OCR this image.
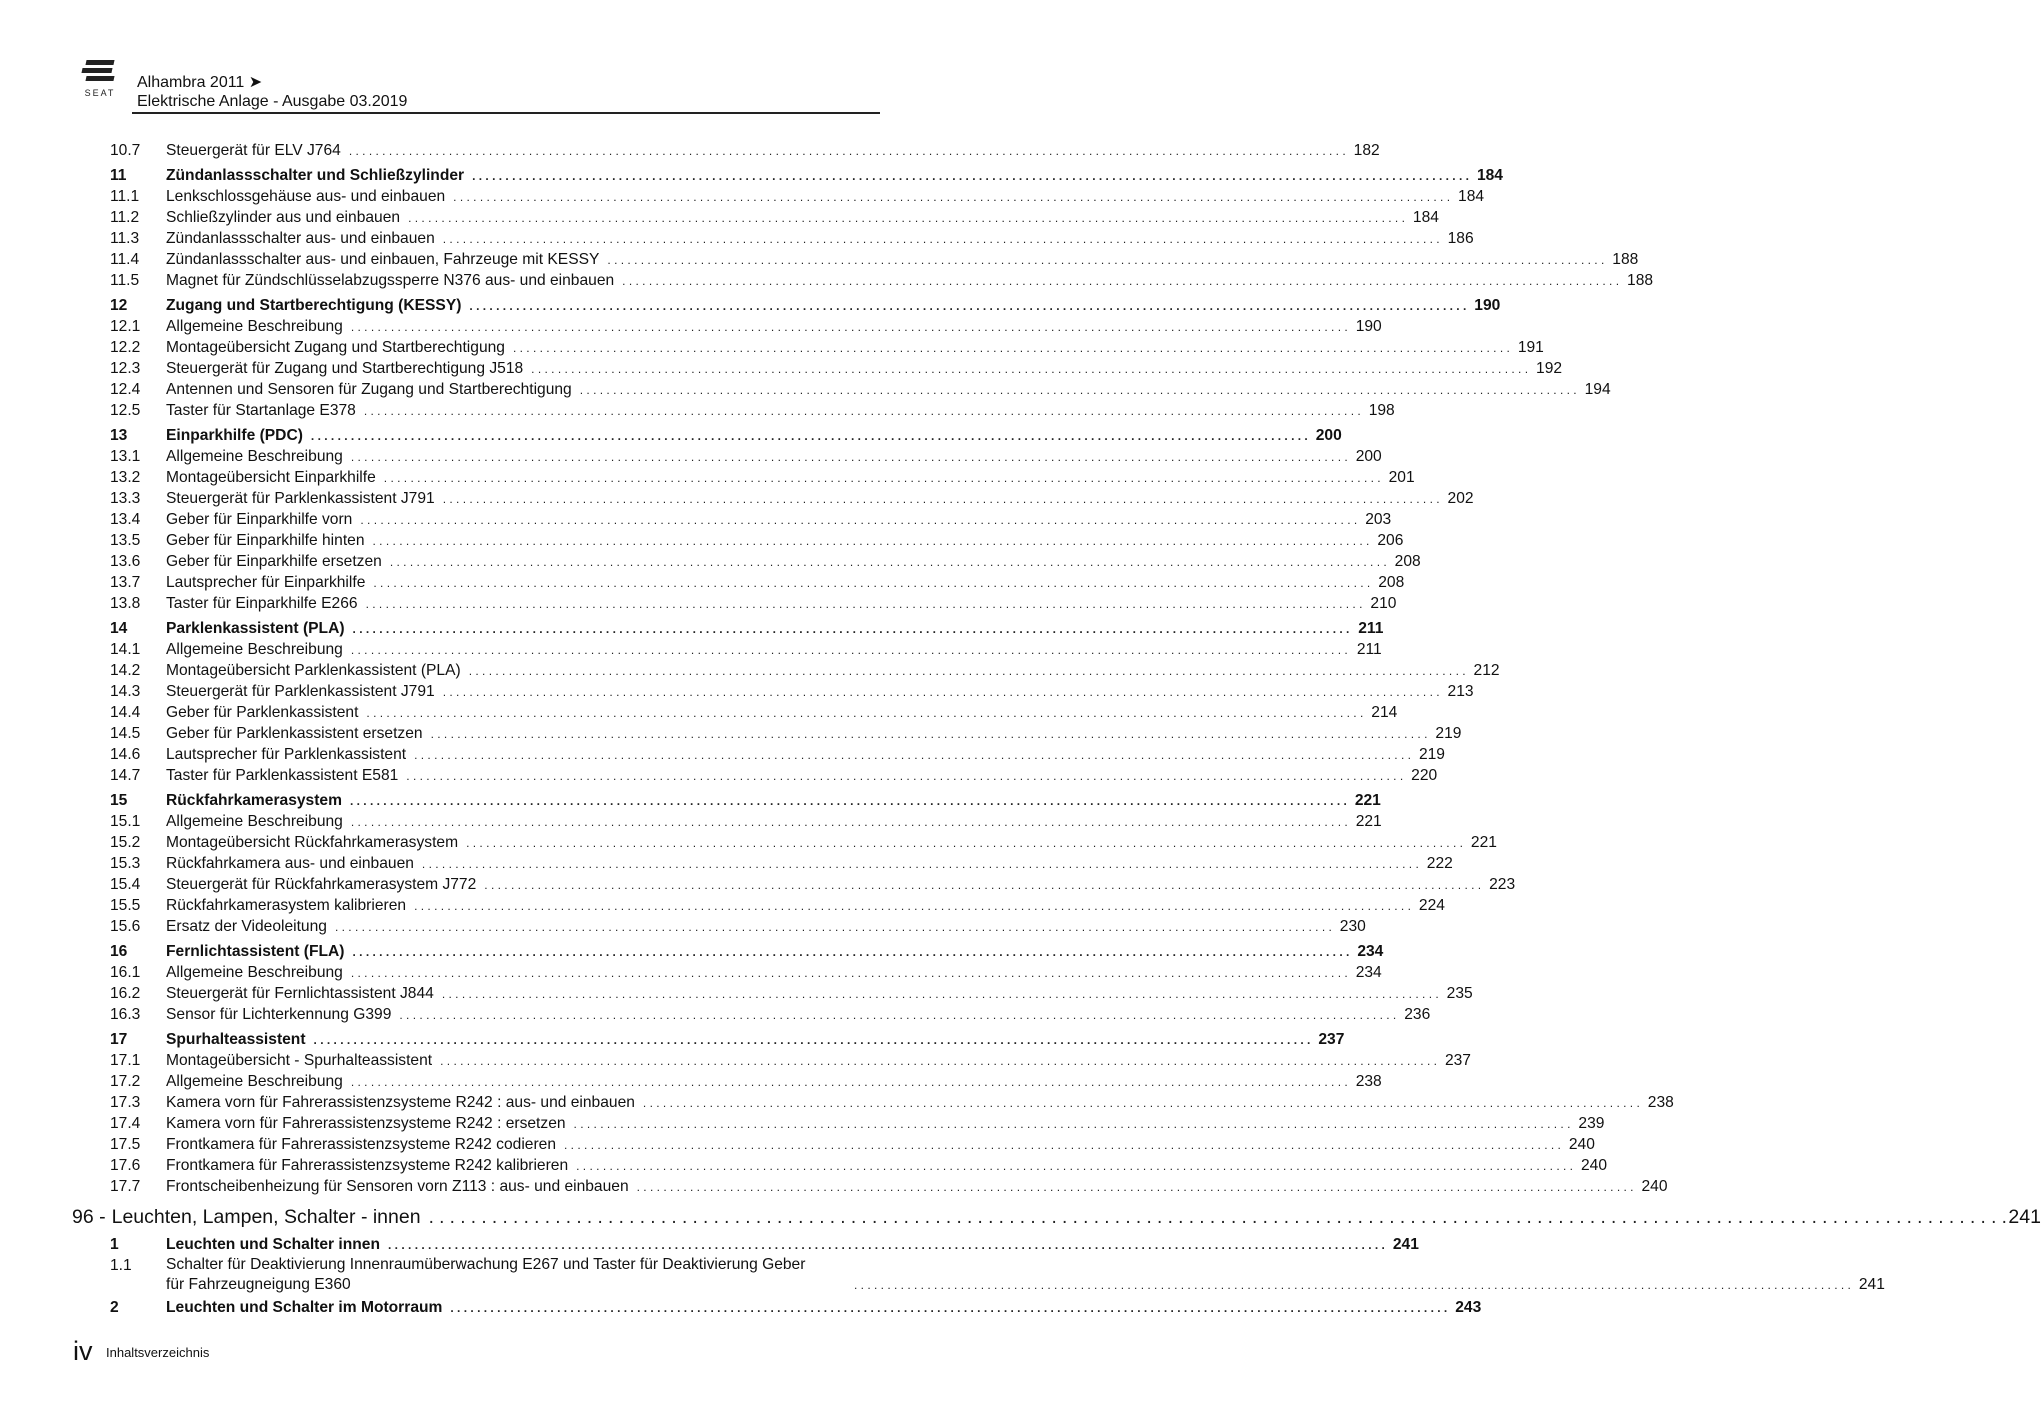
SEAT
Alhambra 2011 ➤
Elektrische Anlage - Ausgabe 03.2019
10.7	Steuergerät für ELV J764 . . .	182
11	Zündanlassschalter und Schließzylinder . . .	184
11.1	Lenkschlossgehäuse aus- und einbauen . . .	184
11.2	Schließzylinder aus und einbauen . . .	184
11.3	Zündanlassschalter aus- und einbauen . . .	186
11.4	Zündanlassschalter aus- und einbauen, Fahrzeuge mit KESSY . . .	188
11.5	Magnet für Zündschlüsselabzugssperre N376 aus- und einbauen . . .	188
12	Zugang und Startberechtigung (KESSY) . . .	190
12.1	Allgemeine Beschreibung . . .	190
12.2	Montageübersicht Zugang und Startberechtigung . . .	191
12.3	Steuergerät für Zugang und Startberechtigung J518 . . .	192
12.4	Antennen und Sensoren für Zugang und Startberechtigung . . .	194
12.5	Taster für Startanlage E378 . . .	198
13	Einparkhilfe (PDC) . . .	200
13.1	Allgemeine Beschreibung . . .	200
13.2	Montageübersicht Einparkhilfe . . .	201
13.3	Steuergerät für Parklenkassistent J791 . . .	202
13.4	Geber für Einparkhilfe vorn . . .	203
13.5	Geber für Einparkhilfe hinten . . .	206
13.6	Geber für Einparkhilfe ersetzen . . .	208
13.7	Lautsprecher für Einparkhilfe . . .	208
13.8	Taster für Einparkhilfe E266 . . .	210
14	Parklenkassistent (PLA) . . .	211
14.1	Allgemeine Beschreibung . . .	211
14.2	Montageübersicht Parklenkassistent (PLA) . . .	212
14.3	Steuergerät für Parklenkassistent J791 . . .	213
14.4	Geber für Parklenkassistent . . .	214
14.5	Geber für Parklenkassistent ersetzen . . .	219
14.6	Lautsprecher für Parklenkassistent . . .	219
14.7	Taster für Parklenkassistent E581 . . .	220
15	Rückfahrkamerasystem . . .	221
15.1	Allgemeine Beschreibung . . .	221
15.2	Montageübersicht Rückfahrkamerasystem . . .	221
15.3	Rückfahrkamera aus- und einbauen . . .	222
15.4	Steuergerät für Rückfahrkamerasystem J772 . . .	223
15.5	Rückfahrkamerasystem kalibrieren . . .	224
15.6	Ersatz der Videoleitung . . .	230
16	Fernlichtassistent (FLA) . . .	234
16.1	Allgemeine Beschreibung . . .	234
16.2	Steuergerät für Fernlichtassistent J844 . . .	235
16.3	Sensor für Lichterkennung G399 . . .	236
17	Spurhalteassistent . . .	237
17.1	Montageübersicht - Spurhalteassistent . . .	237
17.2	Allgemeine Beschreibung . . .	238
17.3	Kamera vorn für Fahrerassistenzsysteme R242 : aus- und einbauen . . .	238
17.4	Kamera vorn für Fahrerassistenzsysteme R242 : ersetzen . . .	239
17.5	Frontkamera für Fahrerassistenzsysteme R242 codieren . . .	240
17.6	Frontkamera für Fahrerassistenzsysteme R242 kalibrieren . . .	240
17.7	Frontscheibenheizung für Sensoren vorn Z113 : aus- und einbauen . . .	240
96 - Leuchten, Lampen, Schalter - innen . . .	241
1	Leuchten und Schalter innen . . .	241
1.1	Schalter für Deaktivierung Innenraumüberwachung E267 und Taster für Deaktivierung Geber
für Fahrzeugneigung E360 . . .	241
2	Leuchten und Schalter im Motorraum . . .	243
iv Inhaltsverzeichnis
